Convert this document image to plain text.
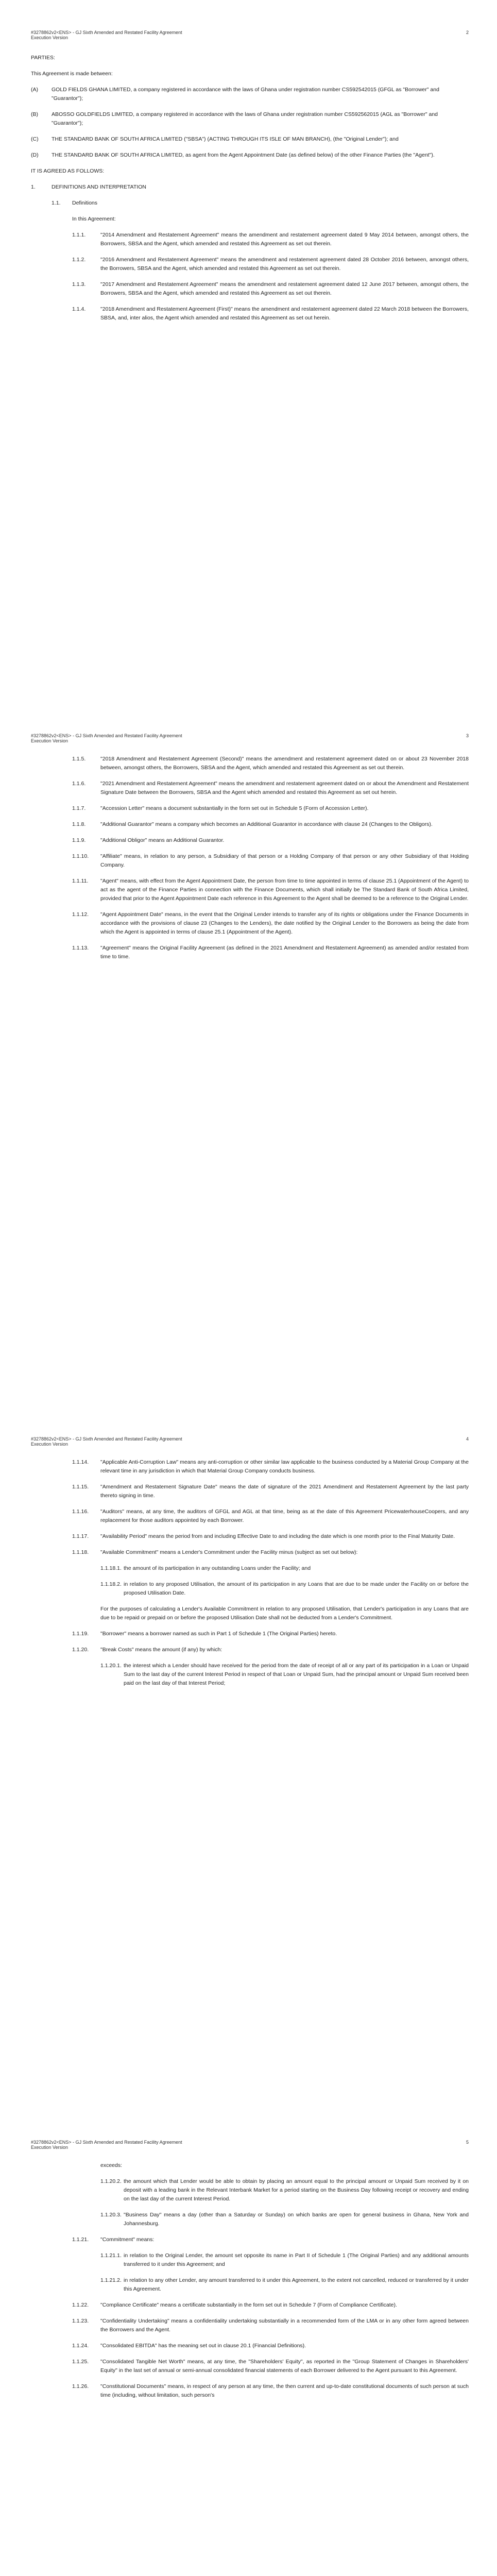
#3278862v2<ENS> - GJ Sixth Amended and Restated Facility Agreement
Execution Version
2
PARTIES:
This Agreement is made between:
(A)	GOLD FIELDS GHANA LIMITED, a company registered in accordance with the laws of Ghana under registration number CS592542015 (GFGL as "Borrower" and "Guarantor");
(B)	ABOSSO GOLDFIELDS LIMITED, a company registered in accordance with the laws of Ghana under registration number CS592562015 (AGL as "Borrower" and "Guarantor");
(C)	THE STANDARD BANK OF SOUTH AFRICA LIMITED ("SBSA") (ACTING THROUGH ITS ISLE OF MAN BRANCH), (the "Original Lender"); and
(D)	THE STANDARD BANK OF SOUTH AFRICA LIMITED, as agent from the Agent Appointment Date (as defined below) of the other Finance Parties (the "Agent").
IT IS AGREED AS FOLLOWS:
1.	DEFINITIONS AND INTERPRETATION
1.1.	Definitions
In this Agreement:
1.1.1.	"2014 Amendment and Restatement Agreement" means the amendment and restatement agreement dated 9 May 2014 between, amongst others, the Borrowers, SBSA and the Agent, which amended and restated this Agreement as set out therein.
1.1.2.	"2016 Amendment and Restatement Agreement" means the amendment and restatement agreement dated 28 October 2016 between, amongst others, the Borrowers, SBSA and the Agent, which amended and restated this Agreement as set out therein.
1.1.3.	"2017 Amendment and Restatement Agreement" means the amendment and restatement agreement dated 12 June 2017 between, amongst others, the Borrowers, SBSA and the Agent, which amended and restated this Agreement as set out therein.
1.1.4.	"2018 Amendment and Restatement Agreement (First)" means the amendment and restatement agreement dated 22 March 2018 between the Borrowers, SBSA, and, inter alios, the Agent which amended and restated this Agreement as set out herein.
#3278862v2<ENS> - GJ Sixth Amended and Restated Facility Agreement
Execution Version
3
1.1.5.	"2018 Amendment and Restatement Agreement (Second)" means the amendment and restatement agreement dated on or about 23 November 2018 between, amongst others, the Borrowers, SBSA and the Agent, which amended and restated this Agreement as set out therein.
1.1.6.	"2021 Amendment and Restatement Agreement" means the amendment and restatement agreement dated on or about the Amendment and Restatement Signature Date between the Borrowers, SBSA and the Agent which amended and restated this Agreement as set out herein.
1.1.7.	"Accession Letter" means a document substantially in the form set out in Schedule 5 (Form of Accession Letter).
1.1.8.	"Additional Guarantor" means a company which becomes an Additional Guarantor in accordance with clause 24 (Changes to the Obligors).
1.1.9.	"Additional Obligor" means an Additional Guarantor.
1.1.10.	"Affiliate" means, in relation to any person, a Subsidiary of that person or a Holding Company of that person or any other Subsidiary of that Holding Company.
1.1.11.	"Agent" means, with effect from the Agent Appointment Date, the person from time to time appointed in terms of clause 25.1 (Appointment of the Agent) to act as the agent of the Finance Parties in connection with the Finance Documents, which shall initially be The Standard Bank of South Africa Limited, provided that prior to the Agent Appointment Date each reference in this Agreement to the Agent shall be deemed to be a reference to the Original Lender.
1.1.12.	"Agent Appointment Date" means, in the event that the Original Lender intends to transfer any of its rights or obligations under the Finance Documents in accordance with the provisions of clause 23 (Changes to the Lenders), the date notified by the Original Lender to the Borrowers as being the date from which the Agent is appointed in terms of clause 25.1 (Appointment of the Agent).
1.1.13.	"Agreement" means the Original Facility Agreement (as defined in the 2021 Amendment and Restatement Agreement) as amended and/or restated from time to time.
#3278862v2<ENS> - GJ Sixth Amended and Restated Facility Agreement
Execution Version
4
1.1.14.	"Applicable Anti-Corruption Law" means any anti-corruption or other similar law applicable to the business conducted by a Material Group Company at the relevant time in any jurisdiction in which that Material Group Company conducts business.
1.1.15.	"Amendment and Restatement Signature Date" means the date of signature of the 2021 Amendment and Restatement Agreement by the last party thereto signing in time.
1.1.16.	"Auditors" means, at any time, the auditors of GFGL and AGL at that time, being as at the date of this Agreement PricewaterhouseCoopers, and any replacement for those auditors appointed by each Borrower.
1.1.17.	"Availability Period" means the period from and including Effective Date to and including the date which is one month prior to the Final Maturity Date.
1.1.18.	"Available Commitment" means a Lender's Commitment under the Facility minus (subject as set out below):
1.1.18.1. the amount of its participation in any outstanding Loans under the Facility; and
1.1.18.2. in relation to any proposed Utilisation, the amount of its participation in any Loans that are due to be made under the Facility on or before the proposed Utilisation Date.
For the purposes of calculating a Lender's Available Commitment in relation to any proposed Utilisation, that Lender's participation in any Loans that are due to be repaid or prepaid on or before the proposed Utilisation Date shall not be deducted from a Lender's Commitment.
1.1.19.	"Borrower" means a borrower named as such in Part 1 of Schedule 1 (The Original Parties) hereto.
1.1.20.	"Break Costs" means the amount (if any) by which:
1.1.20.1. the interest which a Lender should have received for the period from the date of receipt of all or any part of its participation in a Loan or Unpaid Sum to the last day of the current Interest Period in respect of that Loan or Unpaid Sum, had the principal amount or Unpaid Sum received been paid on the last day of that Interest Period;
#3278862v2<ENS> - GJ Sixth Amended and Restated Facility Agreement
Execution Version
5
exceeds:
1.1.20.2. the amount which that Lender would be able to obtain by placing an amount equal to the principal amount or Unpaid Sum received by it on deposit with a leading bank in the Relevant Interbank Market for a period starting on the Business Day following receipt or recovery and ending on the last day of the current Interest Period.
1.1.20.3. "Business Day" means a day (other than a Saturday or Sunday) on which banks are open for general business in Ghana, New York and Johannesburg.
1.1.21.	"Commitment" means:
1.1.21.1. in relation to the Original Lender, the amount set opposite its name in Part II of Schedule 1 (The Original Parties) and any additional amounts transferred to it under this Agreement; and
1.1.21.2. in relation to any other Lender, any amount transferred to it under this Agreement, to the extent not cancelled, reduced or transferred by it under this Agreement.
1.1.22.	"Compliance Certificate" means a certificate substantially in the form set out in Schedule 7 (Form of Compliance Certificate).
1.1.23.	"Confidentiality Undertaking" means a confidentiality undertaking substantially in a recommended form of the LMA or in any other form agreed between the Borrowers and the Agent.
1.1.24.	"Consolidated EBITDA" has the meaning set out in clause 20.1 (Financial Definitions).
1.1.25.	"Consolidated Tangible Net Worth" means, at any time, the "Shareholders' Equity", as reported in the "Group Statement of Changes in Shareholders' Equity" in the last set of annual or semi-annual consolidated financial statements of each Borrower delivered to the Agent pursuant to this Agreement.
1.1.26.	"Constitutional Documents" means, in respect of any person at any time, the then current and up-to-date constitutional documents of such person at such time (including, without limitation, such person's
